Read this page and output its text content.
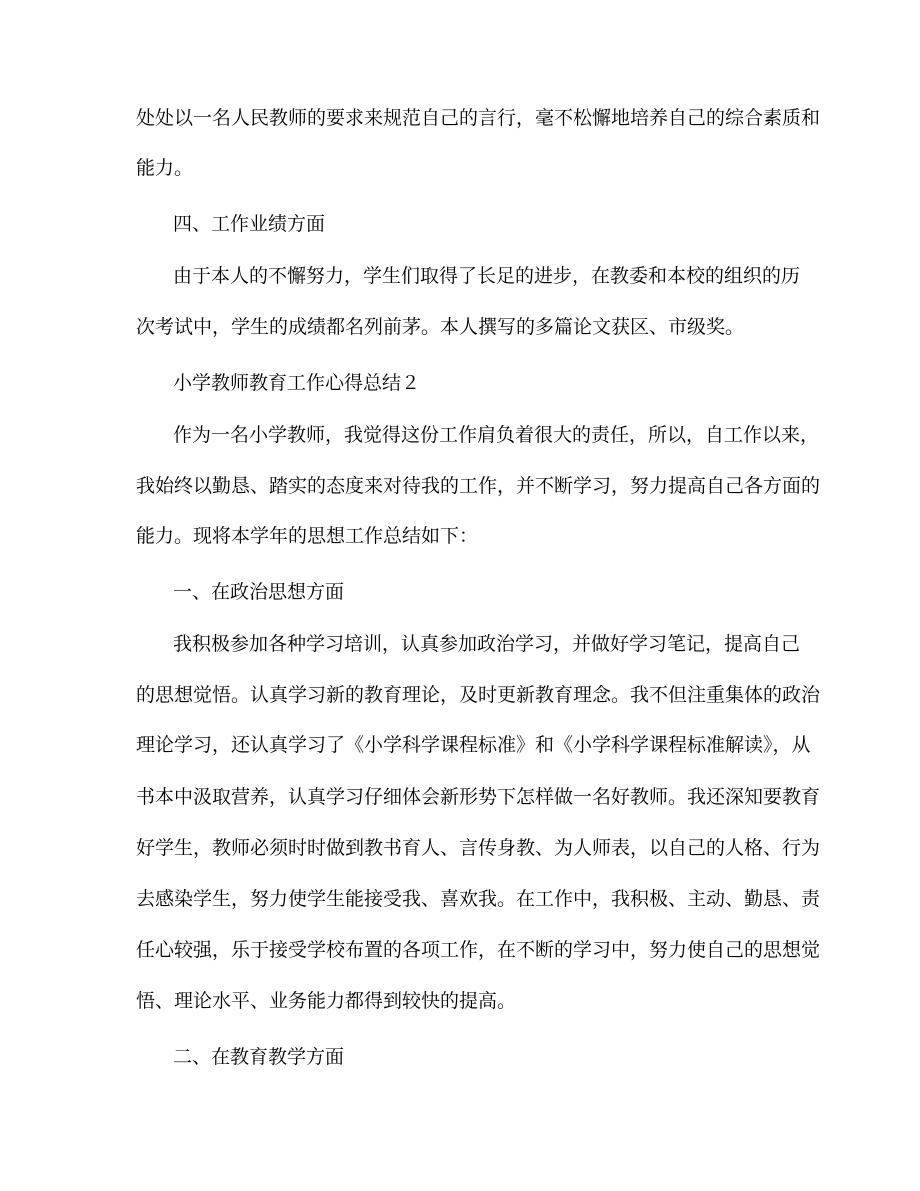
处处以一名人民教师的要求来规范自己的言行，毫不松懈地培养自己的综合素质和

能力。

四、工作业绩方面

由于本人的不懈努力，学生们取得了长足的进步，在教委和本校的组织的历

次考试中，学生的成绩都名列前茅。本人撰写的多篇论文获区、市级奖。

小学教师教育工作心得总结２

作为一名小学教师，我觉得这份工作肩负着很大的责任，所以，自工作以来，

我始终以勤恳、踏实的态度来对待我的工作，并不断学习，努力提高自己各方面的

能力。现将本学年的思想工作总结如下：

一、在政治思想方面

我积极参加各种学习培训，认真参加政治学习，并做好学习笔记，提高自己

的思想觉悟。认真学习新的教育理论，及时更新教育理念。我不但注重集体的政治

理论学习，还认真学习了《小学科学课程标准》和《小学科学课程标准解读》，从

书本中汲取营养，认真学习仔细体会新形势下怎样做一名好教师。我还深知要教育

好学生，教师必须时时做到教书育人、言传身教、为人师表，以自己的人格、行为

去感染学生，努力使学生能接受我、喜欢我。在工作中，我积极、主动、勤恳、责

任心较强，乐于接受学校布置的各项工作，在不断的学习中，努力使自己的思想觉

悟、理论水平、业务能力都得到较快的提高。

二、在教育教学方面
